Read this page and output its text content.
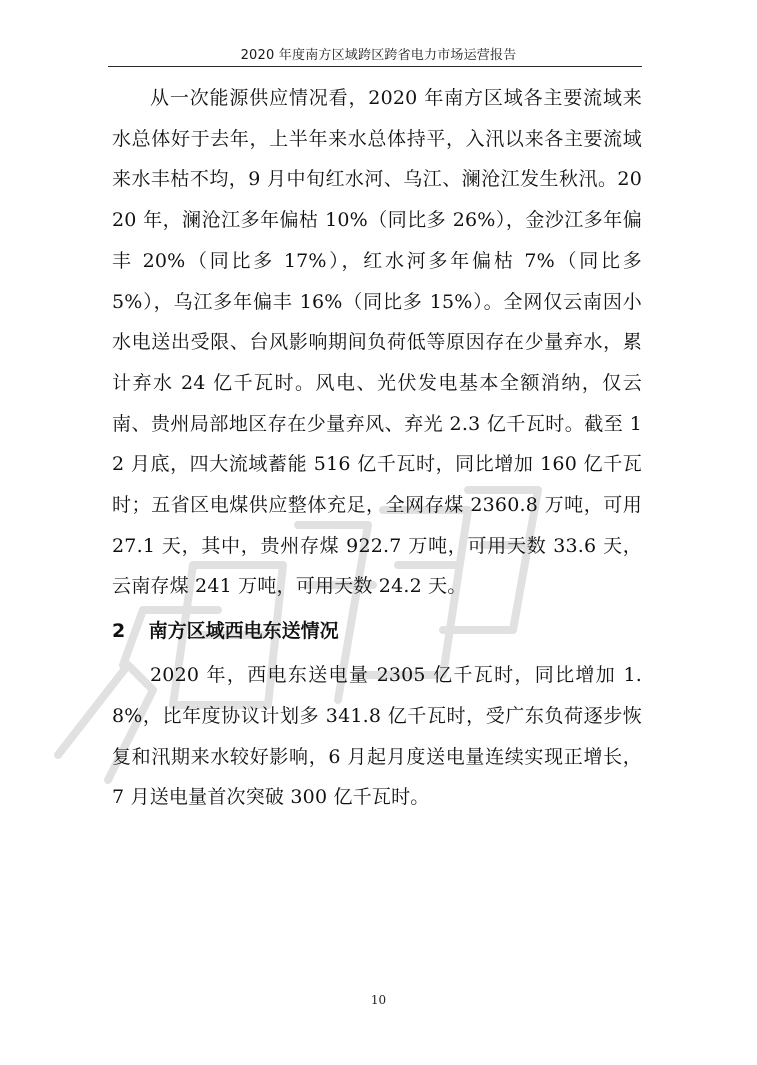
2020 年度南方区域跨区跨省电力市场运营报告

从一次能源供应情况看，2020 年南方区域各主要流域来水总体好于去年，上半年来水总体持平，入汛以来各主要流域来水丰枯不均，9 月中旬红水河、乌江、澜沧江发生秋汛。2020 年，澜沧江多年偏枯 10%（同比多 26%），金沙江多年偏丰 20%（同比多 17%），红水河多年偏枯 7%（同比多 5%），乌江多年偏丰 16%（同比多 15%）。全网仅云南因小水电送出受限、台风影响期间负荷低等原因存在少量弃水，累计弃水 24 亿千瓦时。风电、光伏发电基本全额消纳，仅云南、贵州局部地区存在少量弃风、弃光 2.3 亿千瓦时。截至 12 月底，四大流域蓄能 516 亿千瓦时，同比增加 160 亿千瓦时；五省区电煤供应整体充足，全网存煤 2360.8 万吨，可用 27.1 天，其中，贵州存煤 922.7 万吨，可用天数 33.6 天，云南存煤 241 万吨，可用天数 24.2 天。

2 南方区域西电东送情况

2020 年，西电东送电量 2305 亿千瓦时，同比增加 1.8%，比年度协议计划多 341.8 亿千瓦时，受广东负荷逐步恢复和汛期来水较好影响，6 月起月度送电量连续实现正增长，7 月送电量首次突破 300 亿千瓦时。

10
